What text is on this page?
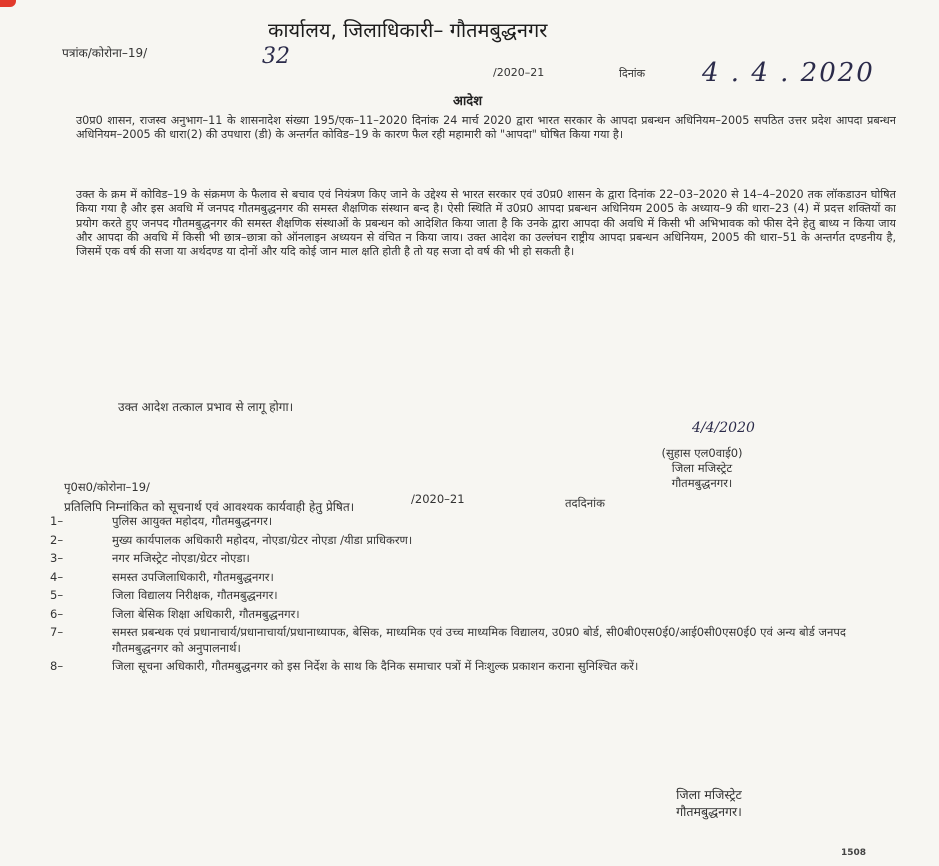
कार्यालय, जिलाधिकारी– गौतमबुद्धनगर
पत्रांक/कोरोना–19/	32
/2020–21	दिनांक 4 . 4 . 2020
आदेश
उ0प्र0 शासन, राजस्व अनुभाग–11 के शासनादेश संख्या 195/एक–11–2020 दिनांक 24 मार्च 2020 द्वारा भारत सरकार के आपदा प्रबन्धन अधिनियम–2005 सपठित उत्तर प्रदेश आपदा प्रबन्धन अधिनियम–2005 की धारा(2) की उपधारा (डी) के अन्तर्गत कोविड–19 के कारण फैल रही महामारी को "आपदा" घोषित किया गया है।
उक्त के क्रम में कोविड–19 के संक्रमण के फैलाव से बचाव एवं नियंत्रण किए जाने के उद्देश्य से भारत सरकार एवं उ0प्र0 शासन के द्वारा दिनांक 22–03–2020 से 14–4–2020 तक लॉकडाउन घोषित किया गया है और इस अवधि में जनपद गौतमबुद्धनगर की समस्त शैक्षणिक संस्थान बन्द है। ऐसी स्थिति में उ0प्र0 आपदा प्रबन्धन अधिनियम 2005 के अध्याय–9 की धारा–23 (4) में प्रदत्त शक्तियों का प्रयोग करते हुए जनपद गौतमबुद्धनगर की समस्त शैक्षणिक संस्थाओं के प्रबन्धन को आदेशित किया जाता है कि उनके द्वारा आपदा की अवधि में किसी भी अभिभावक को फीस देने हेतु बाध्य न किया जाय और आपदा की अवधि में किसी भी छात्र–छात्रा को ऑनलाइन अध्ययन से वंचित न किया जाय। उक्त आदेश का उल्लंघन राष्ट्रीय आपदा प्रबन्धन अधिनियम, 2005 की धारा–51 के अन्तर्गत दण्डनीय है, जिसमें एक वर्ष की सजा या अर्थदण्ड या दोनों और यदि कोई जान माल क्षति होती है तो यह सजा दो वर्ष की भी हो सकती है।
उक्त आदेश तत्काल प्रभाव से लागू होगा।
4/4/2020
(सुहास एल0वाई0)
जिला मजिस्ट्रेट
गौतमबुद्धनगर।
पृ0स0/कोरोना–19/
/2020–21	तददिनांक
प्रतिलिपि निम्नांकित को सूचनार्थ एवं आवश्यक कार्यवाही हेतु प्रेषित।
1–	पुलिस आयुक्त महोदय, गौतमबुद्धनगर।
2–	मुख्य कार्यपालक अधिकारी महोदय, नोएडा/ग्रेटर नोएडा /यीडा प्राधिकरण।
3–	नगर मजिस्ट्रेट नोएडा/ग्रेटर नोएडा।
4–	समस्त उपजिलाधिकारी, गौतमबुद्धनगर।
5–	जिला विद्यालय निरीक्षक, गौतमबुद्धनगर।
6–	जिला बेसिक शिक्षा अधिकारी, गौतमबुद्धनगर।
7–	समस्त प्रबन्धक एवं प्रधानाचार्य/प्रधानाचार्या/प्रधानाध्यापक, बेसिक, माध्यमिक एवं उच्च माध्यमिक विद्यालय, उ0प्र0 बोर्ड, सी0बी0एस0ई0/आई0सी0एस0ई0 एवं अन्य बोर्ड जनपद गौतमबुद्धनगर को अनुपालनार्थ।
8–	जिला सूचना अधिकारी, गौतमबुद्धनगर को इस निर्देश के साथ कि दैनिक समाचार पत्रों में निःशुल्क प्रकाशन कराना सुनिश्चित करें।
जिला मजिस्ट्रेट
गौतमबुद्धनगर।
1508
